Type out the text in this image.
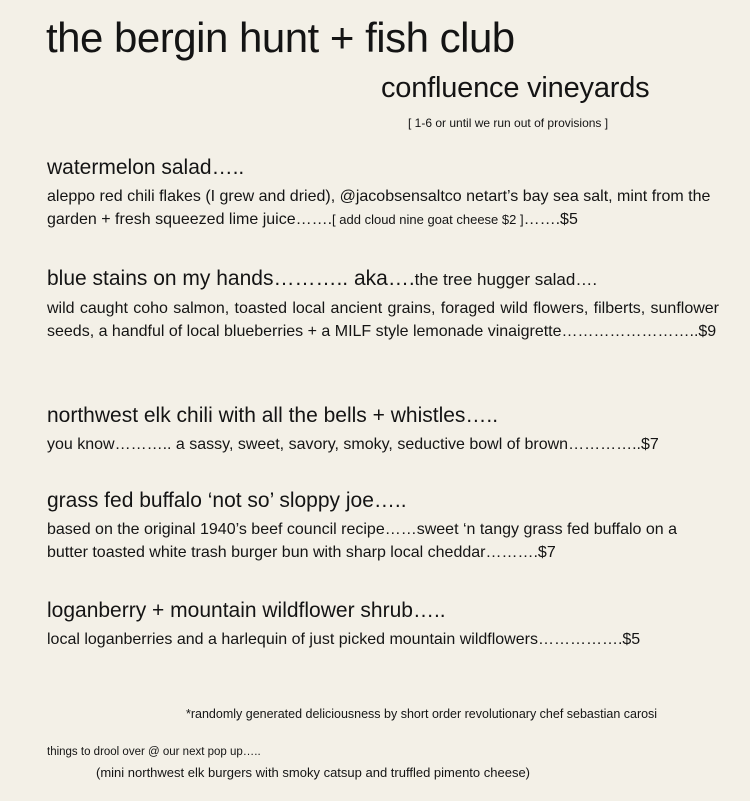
the bergin hunt + fish club
confluence vineyards
[ 1-6 or until we run out of provisions ]
watermelon salad…..
aleppo red chili flakes (I grew and dried), @jacobsensaltco netart’s bay sea salt, mint from the garden + fresh squeezed lime juice…….[ add cloud nine goat cheese $2 ]…….$5
blue stains on my hands……….. aka….the tree hugger salad….
wild caught coho salmon, toasted local ancient grains, foraged wild flowers, filberts, sunflower seeds, a handful of local blueberries + a MILF style lemonade vinaigrette……………………..$9
northwest elk chili with all the bells + whistles…..
you know……….. a sassy, sweet, savory, smoky, seductive bowl of brown…………..$7
grass fed buffalo ‘not so’ sloppy joe…..
based on the original 1940’s beef council recipe……sweet ‘n tangy grass fed buffalo on a butter toasted white trash burger bun with sharp local cheddar……….$7
loganberry + mountain wildflower shrub…..
local loganberries and a harlequin of just picked mountain wildflowers…………….$5
*randomly generated deliciousness by short order revolutionary chef sebastian carosi
things to drool over @ our next pop up…..
(mini northwest elk burgers with smoky catsup and truffled pimento cheese)
